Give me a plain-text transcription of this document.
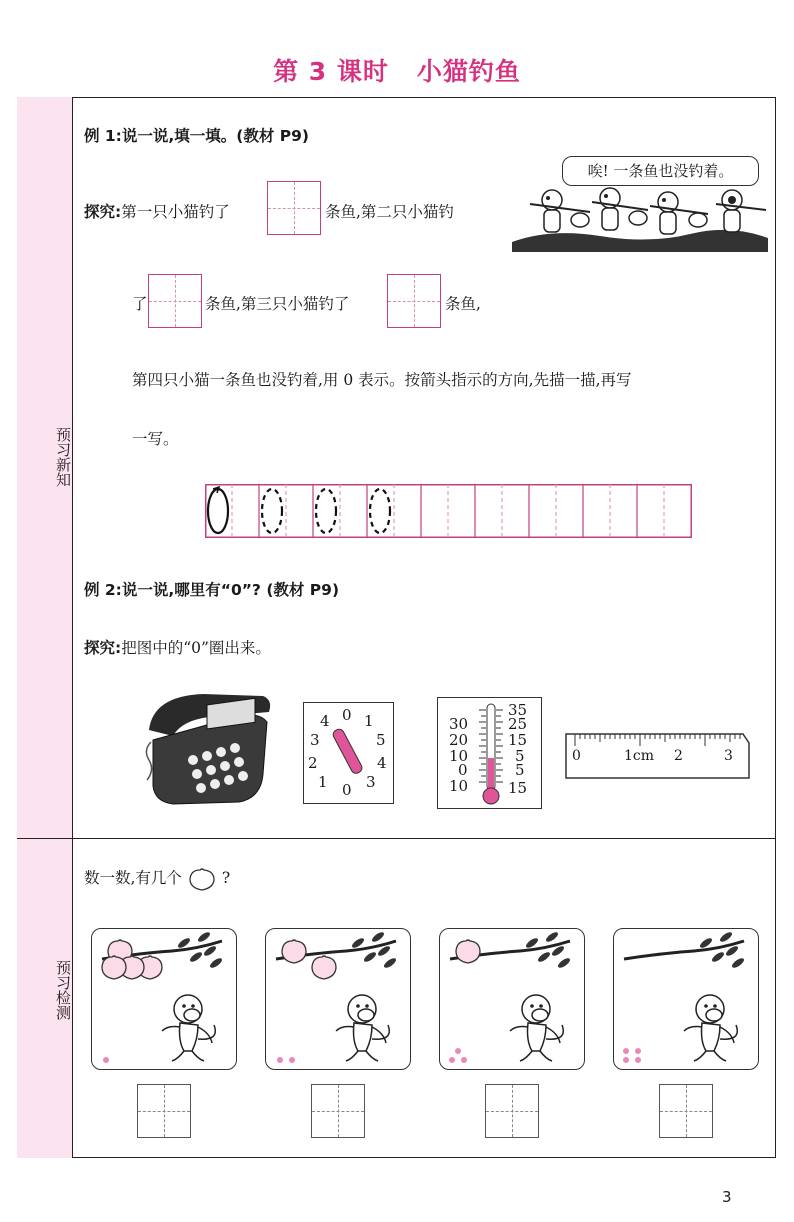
第 3 课时 小猫钓鱼
预习新知
预习检测
例 1:说一说,填一填。(教材 P9)
探究:第一只小猫钓了	条鱼,第二只小猫钓
了	条鱼,第三只小猫钓了	条鱼,
第四只小猫一条鱼也没钓着,用 0 表示。按箭头指示的方向,先描一描,再写
一写。
唉! 一条鱼也没钓着。
例 2:说一说,哪里有“0”? (教材 P9)
探究:把图中的“0”圈出来。
4 0 1
3	5
2	4
1 0 3
30
20
10
0
10
35
25
15
5
5
15
0	1cm 2	3
数一数,有几个	?
3
